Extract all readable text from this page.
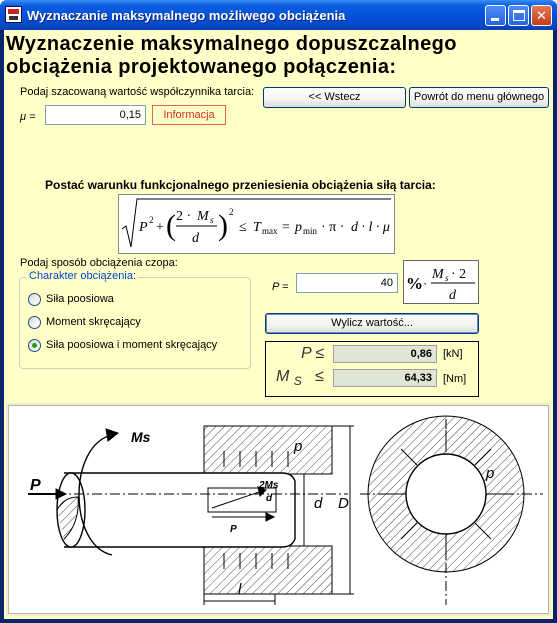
Wyznaczanie maksymalnego możliwego obciążenia	✕
Wyznaczenie maksymalnego dopuszczalnego
obciążenia projektowanego połączenia:
Podaj szacowaną wartość współczynnika tarcia:
μ =	0,15	Informacja
<< Wstecz	Powrót do menu głównego
Postać warunku funkcjonalnego przeniesienia obciążenia siłą tarcia:
P 2 + ( 2 · M s
d ) 2
≤ T max = p min · π · d · l · μ
Podaj sposób obciążenia czopa:
Charakter obciążenia:
Siła poosiowa
Moment skręcający
Siła poosiowa i moment skręcający
P =	40 % ·
M s · 2
d
Wylicz wartość...
P ≤	0,86	[kN]
M $_S$   ≤	64,33	[Nm]
P
Ms
p
p
d D
l
P
2Ms
d
